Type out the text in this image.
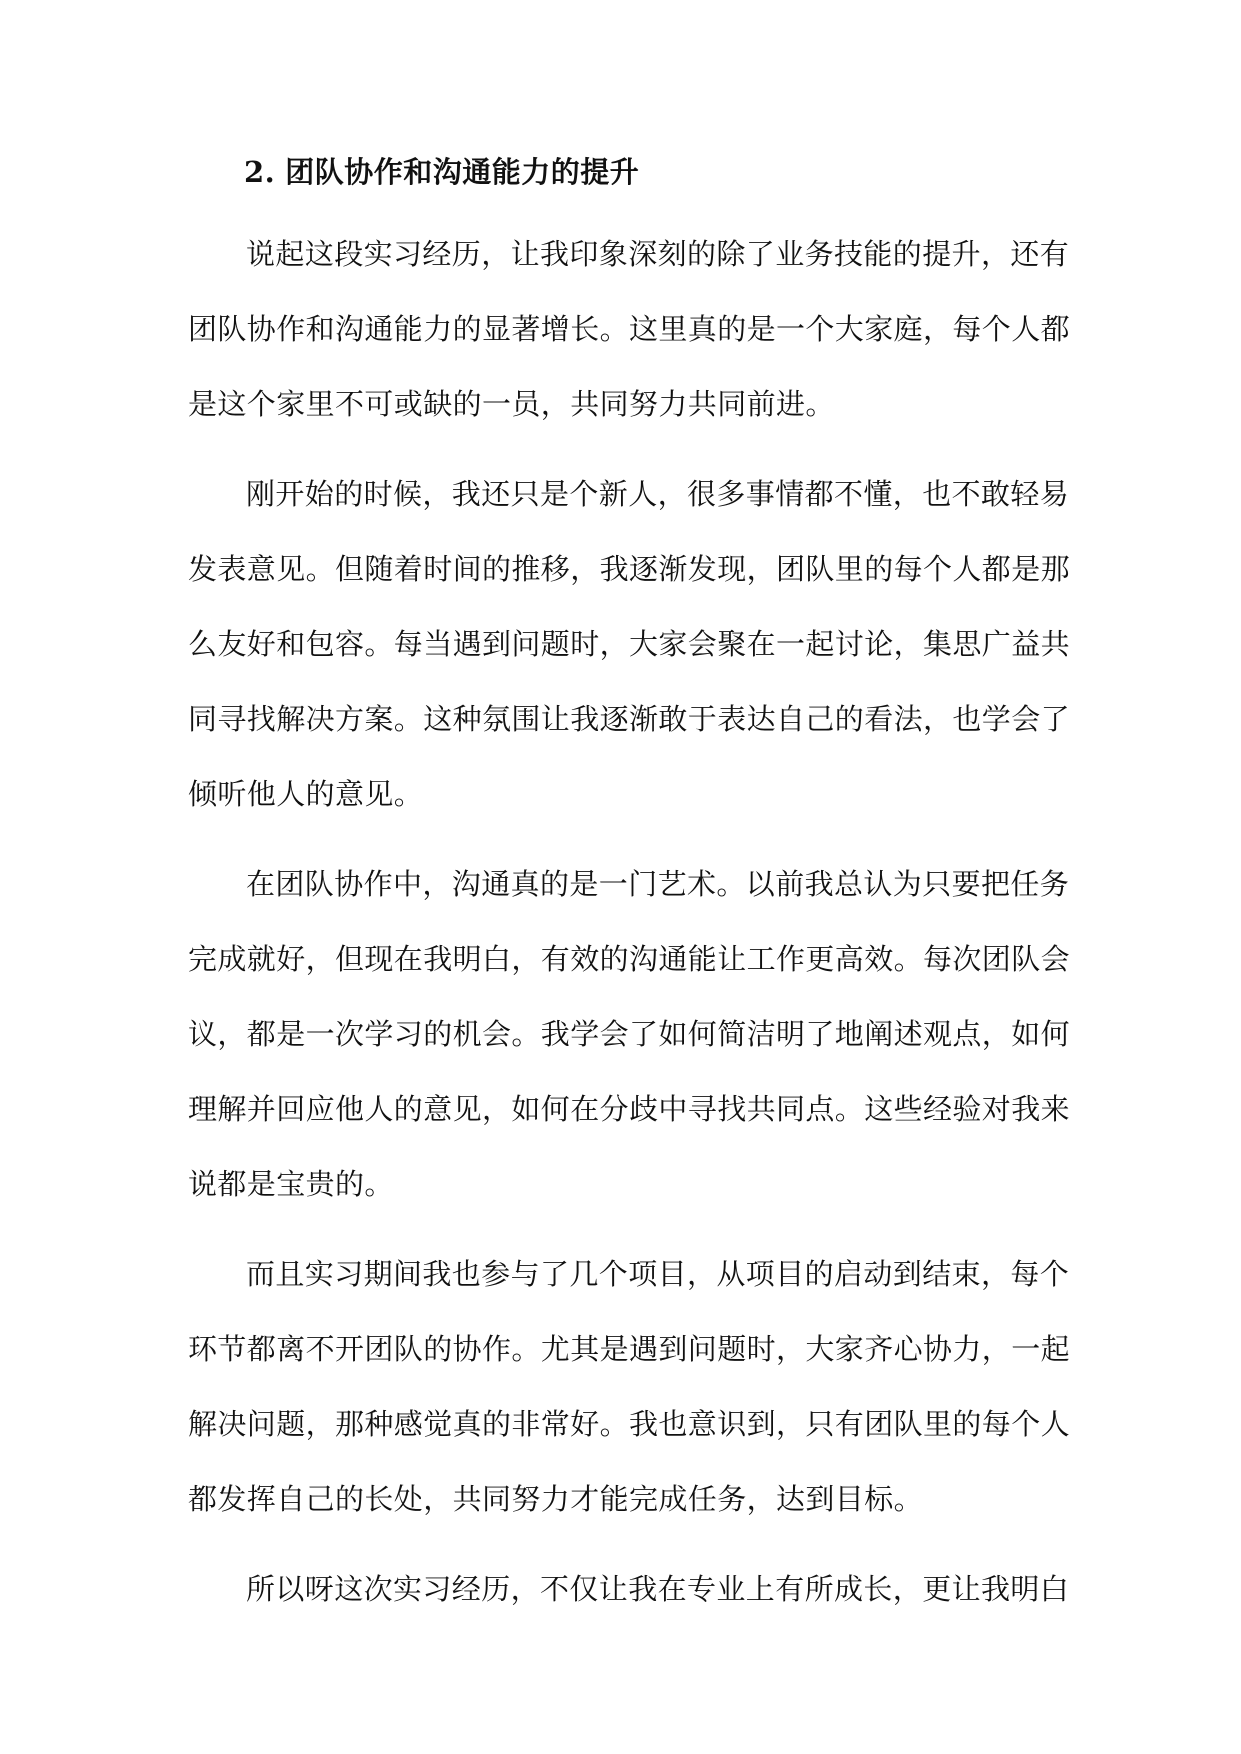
2. 团队协作和沟通能力的提升

说起这段实习经历，让我印象深刻的除了业务技能的提升，还有
团队协作和沟通能力的显著增长。这里真的是一个大家庭，每个人都
是这个家里不可或缺的一员，共同努力共同前进。

刚开始的时候，我还只是个新人，很多事情都不懂，也不敢轻易
发表意见。但随着时间的推移，我逐渐发现，团队里的每个人都是那
么友好和包容。每当遇到问题时，大家会聚在一起讨论，集思广益共
同寻找解决方案。这种氛围让我逐渐敢于表达自己的看法，也学会了
倾听他人的意见。

在团队协作中，沟通真的是一门艺术。以前我总认为只要把任务
完成就好，但现在我明白，有效的沟通能让工作更高效。每次团队会
议，都是一次学习的机会。我学会了如何简洁明了地阐述观点，如何
理解并回应他人的意见，如何在分歧中寻找共同点。这些经验对我来
说都是宝贵的。

而且实习期间我也参与了几个项目，从项目的启动到结束，每个
环节都离不开团队的协作。尤其是遇到问题时，大家齐心协力，一起
解决问题，那种感觉真的非常好。我也意识到，只有团队里的每个人
都发挥自己的长处，共同努力才能完成任务，达到目标。

所以呀这次实习经历，不仅让我在专业上有所成长，更让我明白
